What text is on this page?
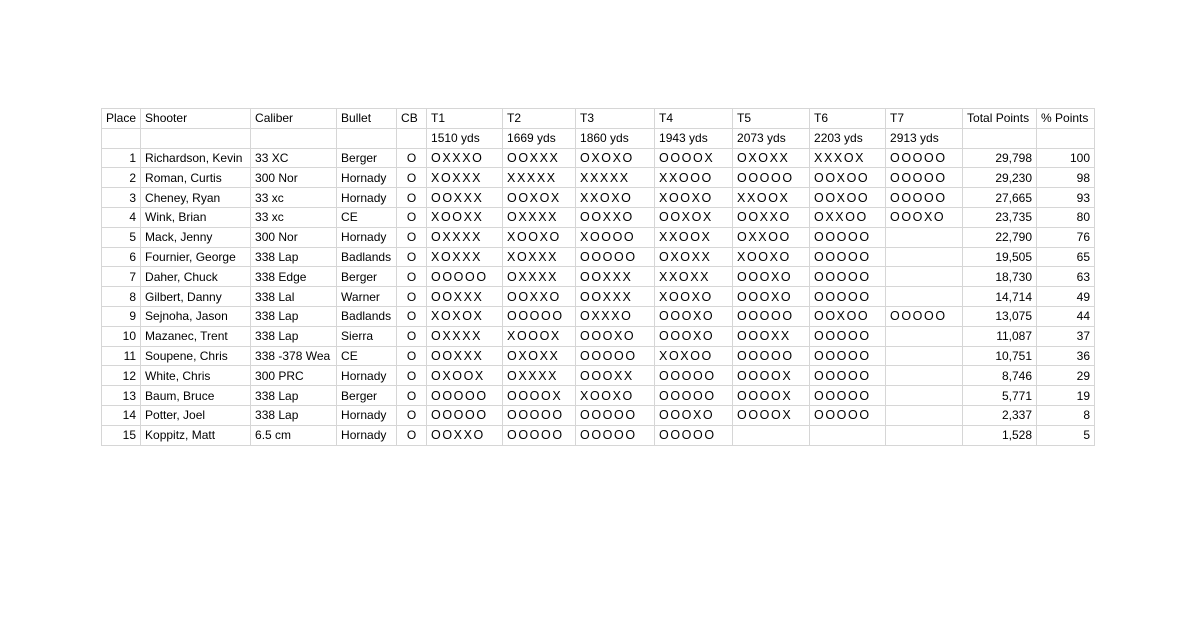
Place	Shooter	Caliber	Bullet	CB	T1	T2	T3	T4	T5	T6	T7	Total Points	% Points
					1510 yds	1669 yds	1860 yds	1943 yds	2073 yds	2203 yds	2913 yds		
1	Richardson, Kevin	33 XC	Berger	O	OXXXO	OOXXX	OXOXO	OOOOX	OXOXX	XXXOX	OOOOO	29,798	100
2	Roman, Curtis	300 Nor	Hornady	O	XOXXX	XXXXX	XXXXX	XXOOO	OOOOO	OOXOO	OOOOO	29,230	98
3	Cheney, Ryan	33 xc	Hornady	O	OOXXX	OOXOX	XXOXO	XOOXO	XXOOX	OOXOO	OOOOO	27,665	93
4	Wink, Brian	33 xc	CE	O	XOOXX	OXXXX	OOXXO	OOXOX	OOXXO	OXXOO	OOOXO	23,735	80
5	Mack, Jenny	300 Nor	Hornady	O	OXXXX	XOOXO	XOOOO	XXOOX	OXXOO	OOOOO		22,790	76
6	Fournier, George	338 Lap	Badlands	O	XOXXX	XOXXX	OOOOO	OXOXX	XOOXO	OOOOO		19,505	65
7	Daher, Chuck	338 Edge	Berger	O	OOOOO	OXXXX	OOXXX	XXOXX	OOOXO	OOOOO		18,730	63
8	Gilbert, Danny	338 Lal	Warner	O	OOXXX	OOXXO	OOXXX	XOOXO	OOOXO	OOOOO		14,714	49
9	Sejnoha, Jason	338 Lap	Badlands	O	XOXOX	OOOOO	OXXXO	OOOXO	OOOOO	OOXOO	OOOOO	13,075	44
10	Mazanec, Trent	338 Lap	Sierra	O	OXXXX	XOOOX	OOOXO	OOOXO	OOOXX	OOOOO		11,087	37
11	Soupene, Chris	338 -378 Wea	CE	O	OOXXX	OXOXX	OOOOO	XOXOO	OOOOO	OOOOO		10,751	36
12	White, Chris	300 PRC	Hornady	O	OXOOX	OXXXX	OOOXX	OOOOO	OOOOX	OOOOO		8,746	29
13	Baum, Bruce	338 Lap	Berger	O	OOOOO	OOOOX	XOOXO	OOOOO	OOOOX	OOOOO		5,771	19
14	Potter, Joel	338 Lap	Hornady	O	OOOOO	OOOOO	OOOOO	OOOXO	OOOOX	OOOOO		2,337	8
15	Koppitz, Matt	6.5 cm	Hornady	O	OOXXO	OOOOO	OOOOO	OOOOO				1,528	5
